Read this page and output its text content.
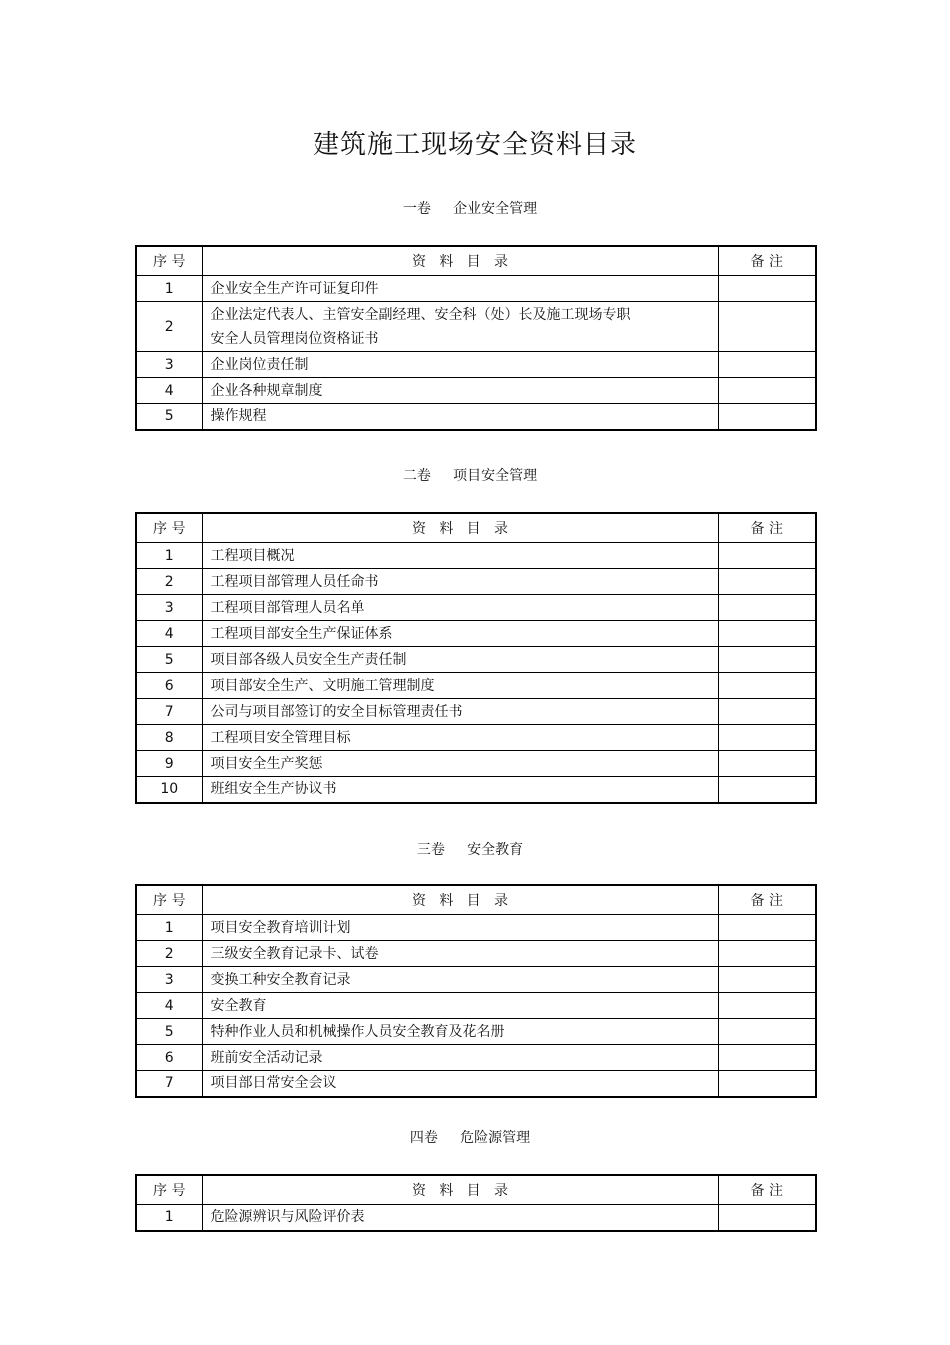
建筑施工现场安全资料目录
一卷     企业安全管理
序 号	资   料   目   录	备 注
1	企业安全生产许可证复印件	
2	企业法定代表人、主管安全副经理、安全科（处）长及施工现场专职
安全人员管理岗位资格证书	

3	企业岗位责任制	
4	企业各种规章制度	
5	操作规程	
二卷     项目安全管理
序 号	资   料   目   录	备 注
1	工程项目概况	
2	工程项目部管理人员任命书	
3	工程项目部管理人员名单	
4	工程项目部安全生产保证体系	
5	项目部各级人员安全生产责任制	
6	项目部安全生产、文明施工管理制度	
7	公司与项目部签订的安全目标管理责任书	
8	工程项目安全管理目标	
9	项目安全生产奖惩	
10	班组安全生产协议书	
三卷     安全教育
序 号	资   料   目   录	备 注
1	项目安全教育培训计划	
2	三级安全教育记录卡、试卷	
3	变换工种安全教育记录	
4	安全教育	
5	特种作业人员和机械操作人员安全教育及花名册	
6	班前安全活动记录	
7	项目部日常安全会议	
四卷     危险源管理
序 号	资   料   目   录	备 注
1	危险源辨识与风险评价表	
